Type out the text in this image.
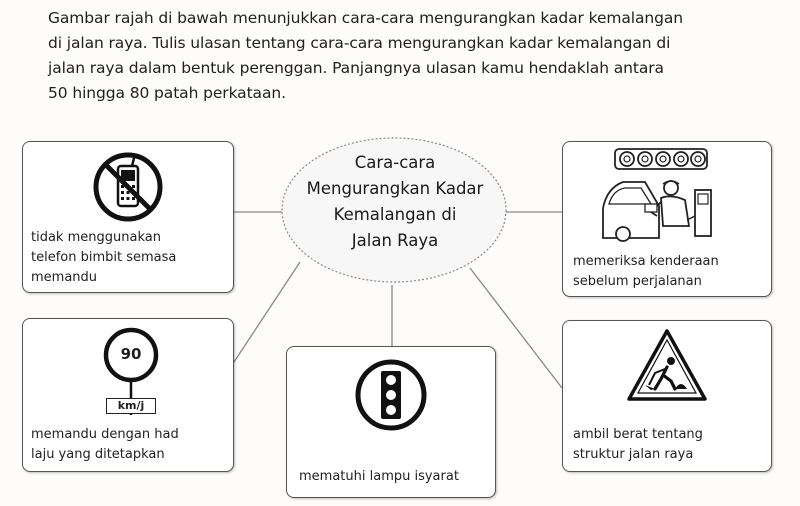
Gambar rajah di bawah menunjukkan cara-cara mengurangkan kadar kemalangan
di jalan raya. Tulis ulasan tentang cara-cara mengurangkan kadar kemalangan di
jalan raya dalam bentuk perenggan. Panjangnya ulasan kamu hendaklah antara
50 hingga 80 patah perkataan.

Cara-cara
Mengurangkan Kadar
Kemalangan di
Jalan Raya
tidak menggunakan
telefon bimbit semasa
memandu
memeriksa kenderaan
sebelum perjalanan
90
km/j
memandu dengan had
laju yang ditetapkan
mematuhi lampu isyarat
ambil berat tentang
struktur jalan raya
